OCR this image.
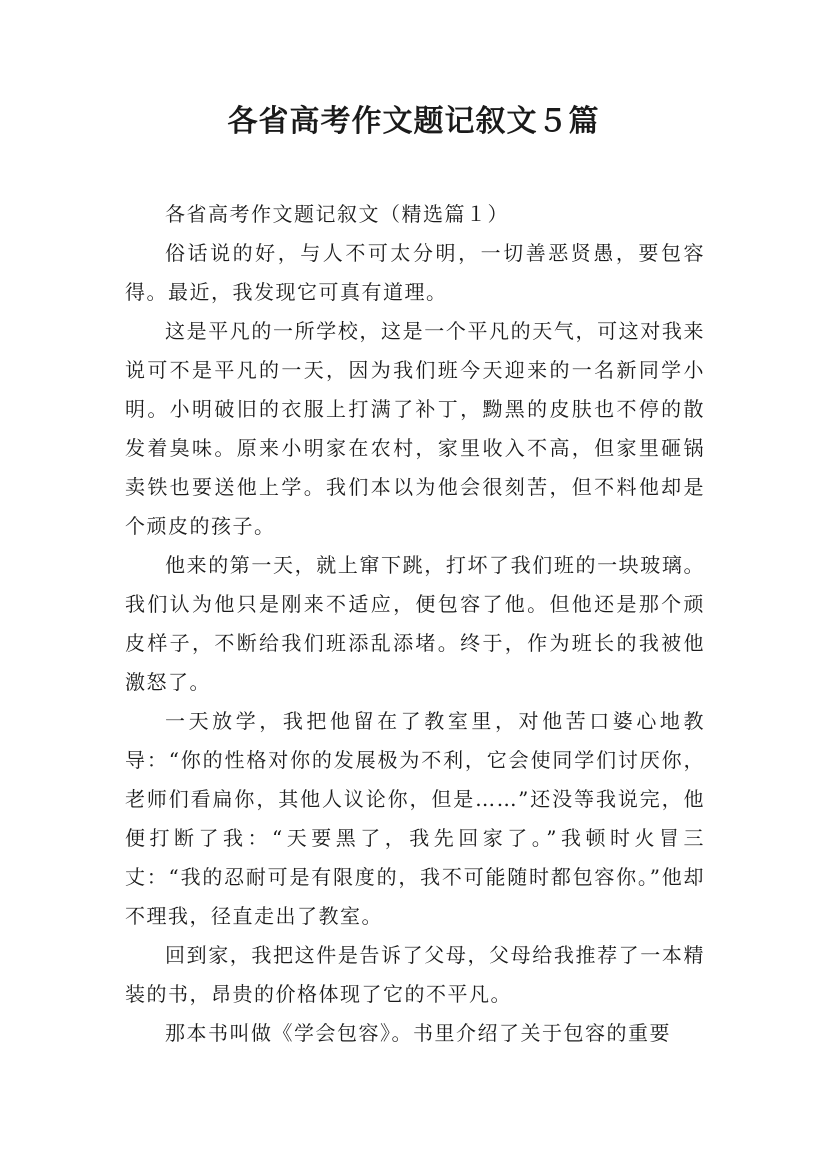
各省高考作文题记叙文５篇

各省高考作文题记叙文（精选篇１）

俗话说的好，与人不可太分明，一切善恶贤愚，要包容得。最近，我发现它可真有道理。

这是平凡的一所学校，这是一个平凡的天气，可这对我来说可不是平凡的一天，因为我们班今天迎来的一名新同学小明。小明破旧的衣服上打满了补丁，黝黑的皮肤也不停的散发着臭味。原来小明家在农村，家里收入不高，但家里砸锅卖铁也要送他上学。我们本以为他会很刻苦，但不料他却是个顽皮的孩子。

他来的第一天，就上窜下跳，打坏了我们班的一块玻璃。我们认为他只是刚来不适应，便包容了他。但他还是那个顽皮样子，不断给我们班添乱添堵。终于，作为班长的我被他激怒了。

一天放学，我把他留在了教室里，对他苦口婆心地教导：“你的性格对你的发展极为不利，它会使同学们讨厌你，老师们看扁你，其他人议论你，但是……”还没等我说完，他便打断了我：“天要黑了，我先回家了。”我顿时火冒三丈：“我的忍耐可是有限度的，我不可能随时都包容你。”他却不理我，径直走出了教室。

回到家，我把这件是告诉了父母，父母给我推荐了一本精装的书，昂贵的价格体现了它的不平凡。

那本书叫做《学会包容》。书里介绍了关于包容的重要
